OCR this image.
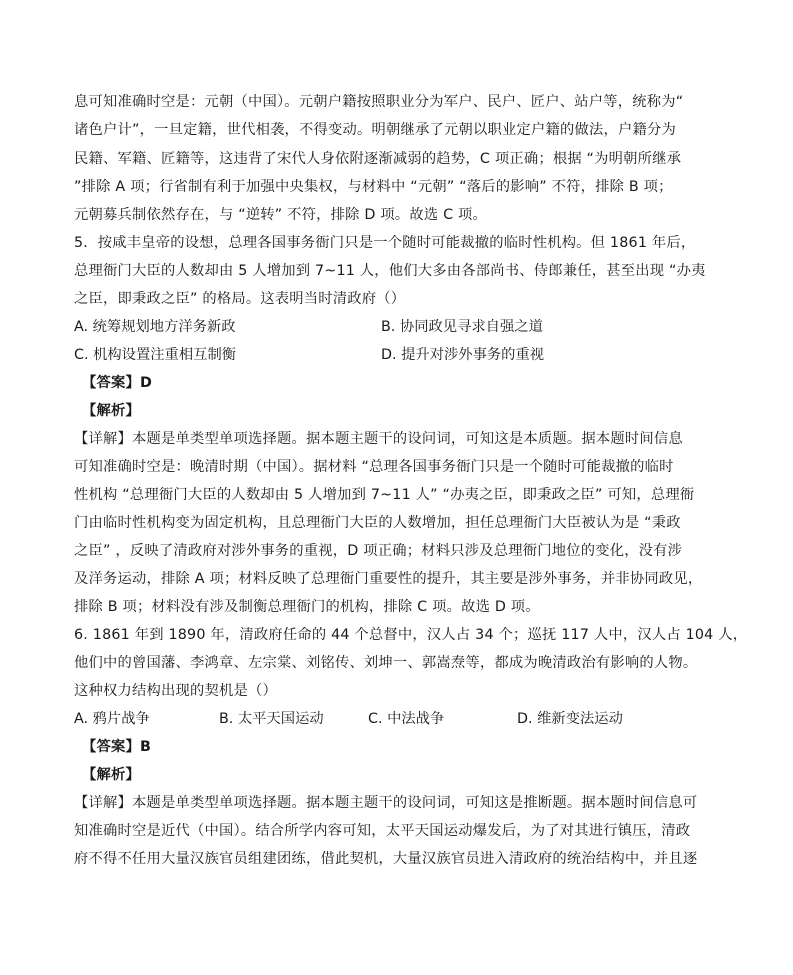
息可知准确时空是：元朝（中国）。元朝户籍按照职业分为军户、民户、匠户、站户等，统称为“
诸色户计”，一旦定籍，世代相袭，不得变动。明朝继承了元朝以职业定户籍的做法，户籍分为
民籍、军籍、匠籍等，这违背了宋代人身依附逐渐减弱的趋势，C 项正确；根据 “为明朝所继承
”排除 A 项；行省制有利于加强中央集权，与材料中 “元朝” “落后的影响” 不符，排除 B 项；
元朝募兵制依然存在，与 “逆转” 不符，排除 D 项。故选 C 项。
5．按咸丰皇帝的设想，总理各国事务衙门只是一个随时可能裁撤的临时性机构。但 1861 年后，
总理衙门大臣的人数却由 5 人增加到 7~11 人，他们大多由各部尚书、侍郎兼任，甚至出现 “办夷
之臣，即秉政之臣” 的格局。这表明当时清政府（）
A. 统筹规划地方洋务新政	B. 协同政见寻求自强之道
C. 机构设置注重相互制衡	D. 提升对涉外事务的重视
【答案】D
【解析】
【详解】本题是单类型单项选择题。据本题主题干的设问词，可知这是本质题。据本题时间信息
可知准确时空是：晚清时期（中国）。据材料 “总理各国事务衙门只是一个随时可能裁撤的临时
性机构 “总理衙门大臣的人数却由 5 人增加到 7~11 人” “办夷之臣，即秉政之臣” 可知，总理衙
门由临时性机构变为固定机构，且总理衙门大臣的人数增加，担任总理衙门大臣被认为是 “秉政
之臣” ，反映了清政府对涉外事务的重视，D 项正确；材料只涉及总理衙门地位的变化，没有涉
及洋务运动，排除 A 项；材料反映了总理衙门重要性的提升，其主要是涉外事务，并非协同政见，
排除 B 项；材料没有涉及制衡总理衙门的机构，排除 C 项。故选 D 项。
6. 1861 年到 1890 年，清政府任命的 44 个总督中，汉人占 34 个；巡抚 117 人中，汉人占 104 人，
他们中的曾国藩、李鸿章、左宗棠、刘铭传、刘坤一、郭嵩焘等，都成为晚清政治有影响的人物。
这种权力结构出现的契机是（）
A. 鸦片战争	B. 太平天国运动	C. 中法战争	D. 维新变法运动
【答案】B
【解析】
【详解】本题是单类型单项选择题。据本题主题干的设问词，可知这是推断题。据本题时间信息可
知准确时空是近代（中国）。结合所学内容可知，太平天国运动爆发后，为了对其进行镇压，清政
府不得不任用大量汉族官员组建团练，借此契机，大量汉族官员进入清政府的统治结构中，并且逐
